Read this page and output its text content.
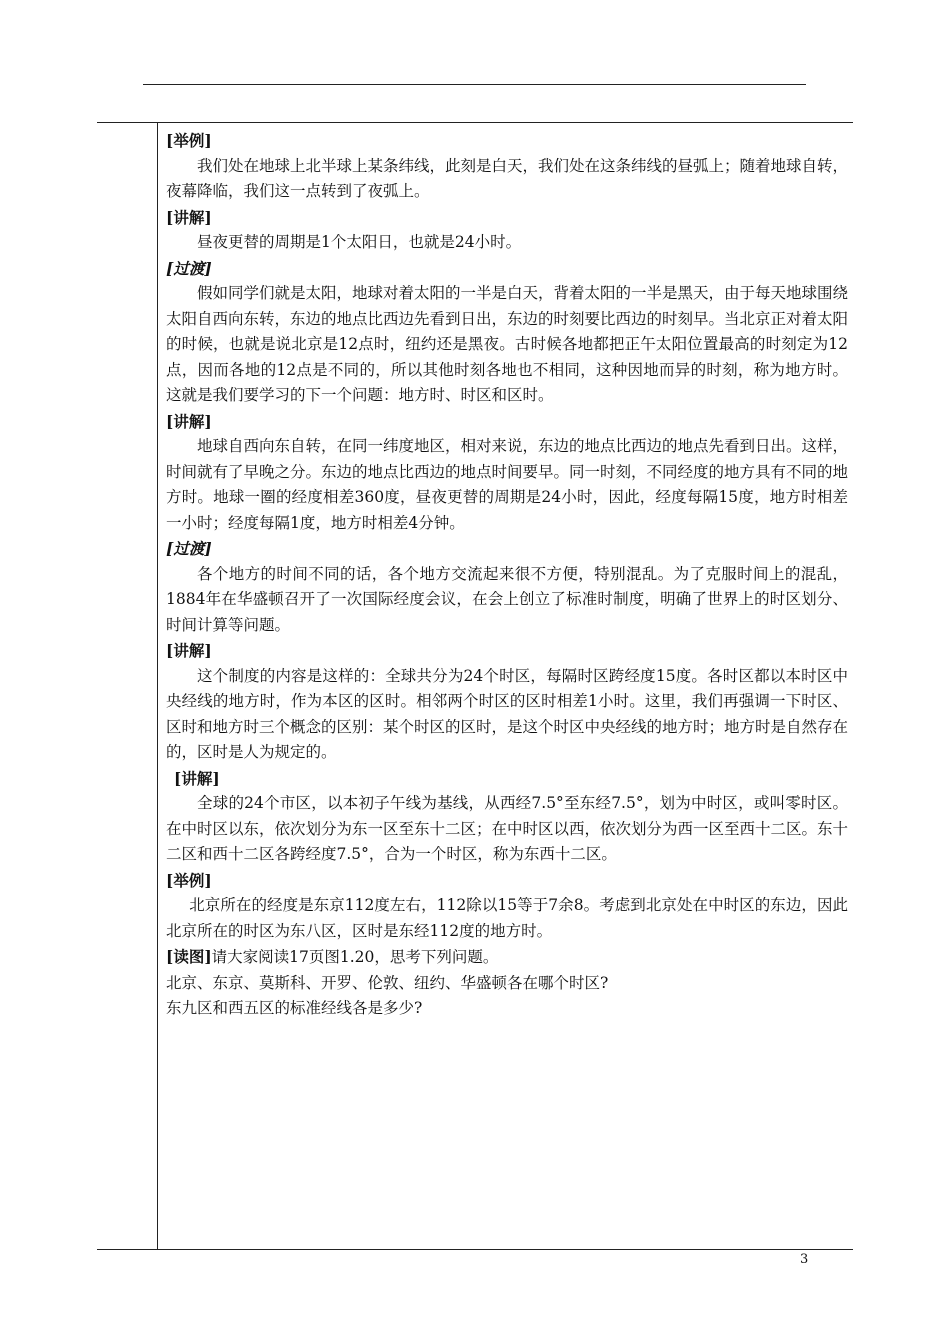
[举例]
我们处在地球上北半球上某条纬线，此刻是白天，我们处在这条纬线的昼弧上；随着地球自转，夜幕降临，我们这一点转到了夜弧上。
[讲解]
昼夜更替的周期是1个太阳日，也就是24小时。
[过渡]
假如同学们就是太阳，地球对着太阳的一半是白天，背着太阳的一半是黑天，由于每天地球围绕太阳自西向东转，东边的地点比西边先看到日出，东边的时刻要比西边的时刻早。当北京正对着太阳的时候，也就是说北京是12点时，纽约还是黑夜。古时候各地都把正午太阳位置最高的时刻定为12点，因而各地的12点是不同的，所以其他时刻各地也不相同，这种因地而异的时刻，称为地方时。这就是我们要学习的下一个问题：地方时、时区和区时。
[讲解]
地球自西向东自转，在同一纬度地区，相对来说，东边的地点比西边的地点先看到日出。这样，时间就有了早晚之分。东边的地点比西边的地点时间要早。同一时刻，不同经度的地方具有不同的地方时。地球一圈的经度相差360度，昼夜更替的周期是24小时，因此，经度每隔15度，地方时相差一小时；经度每隔1度，地方时相差4分钟。
[过渡]
各个地方的时间不同的话，各个地方交流起来很不方便，特别混乱。为了克服时间上的混乱，1884年在华盛顿召开了一次国际经度会议，在会上创立了标准时制度，明确了世界上的时区划分、时间计算等问题。
[讲解]
这个制度的内容是这样的：全球共分为24个时区，每隔时区跨经度15度。各时区都以本时区中央经线的地方时，作为本区的区时。相邻两个时区的区时相差1小时。这里，我们再强调一下时区、区时和地方时三个概念的区别：某个时区的区时，是这个时区中央经线的地方时；地方时是自然存在的，区时是人为规定的。
[讲解]
全球的24个市区，以本初子午线为基线，从西经7.5°至东经7.5°，划为中时区，或叫零时区。在中时区以东，依次划分为东一区至东十二区；在中时区以西，依次划分为西一区至西十二区。东十二区和西十二区各跨经度7.5°，合为一个时区，称为东西十二区。
[举例]
北京所在的经度是东京112度左右，112除以15等于7余8。考虑到北京处在中时区的东边，因此北京所在的时区为东八区，区时是东经112度的地方时。
[读图]请大家阅读17页图1.20，思考下列问题。
北京、东京、莫斯科、开罗、伦敦、纽约、华盛顿各在哪个时区?
东九区和西五区的标准经线各是多少?
3
